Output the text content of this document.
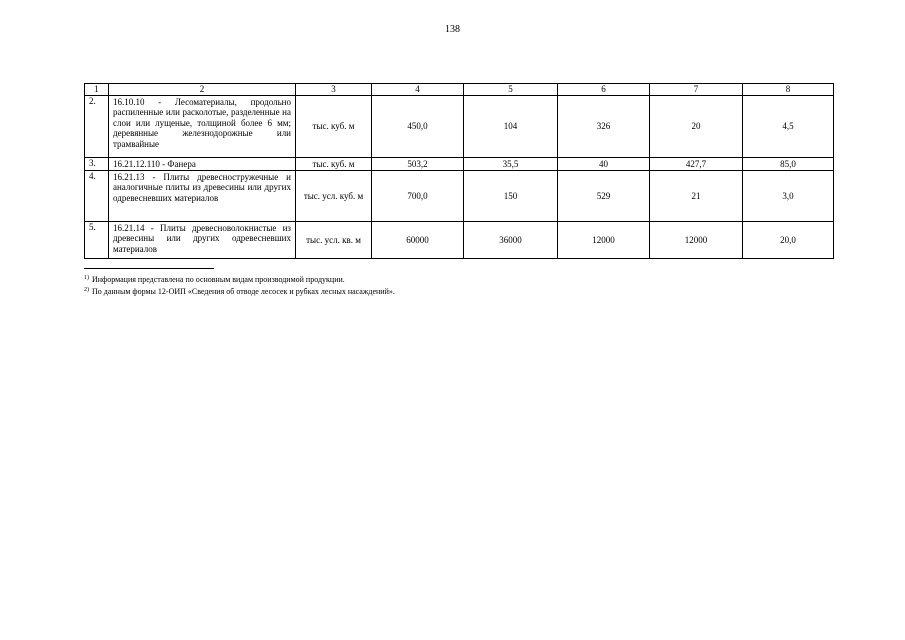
138
1	2	3	4	5	6	7	8
2.	16.10.10 - Лесоматериалы, продольно распиленные или расколотые, разделенные на слои или лущеные, толщиной более 6 мм; деревянные железнодорожные или трамвайные	тыс. куб. м	450,0	104	326	20	4,5
3.	16.21.12.110 - Фанера	тыс. куб. м	503,2	35,5	40	427,7	85,0
4.	16.21.13 - Плиты древесностружечные и аналогичные плиты из древесины или других одревесневших материалов	тыс. усл. куб. м	700,0	150	529	21	3,0
5.	16.21.14 - Плиты древесноволокнистые из древесины или других одревесневших материалов	тыс. усл. кв. м	60000	36000	12000	12000	20,0
$^{1)}$ Информация представлена по основным видам производимой продукции.
$^{2)}$ По данным формы 12-ОИП «Сведения об отводе лесосек и рубках лесных насаждений».
